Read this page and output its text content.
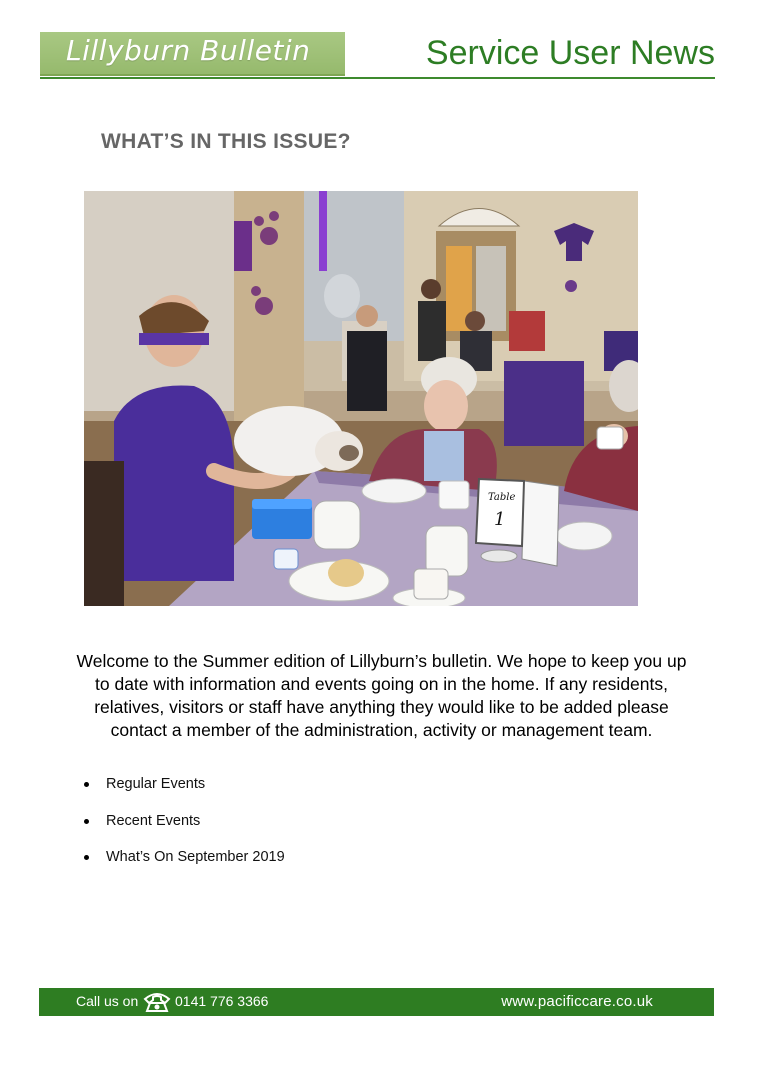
Lillyburn Bulletin	Service User News
WHAT’S IN THIS ISSUE?
Table
1
Welcome to the Summer edition of Lillyburn’s bulletin. We hope to keep you up to date with information and events going on in the home. If any residents, relatives, visitors or staff have anything they would like to be added please contact a member of the administration, activity or management team.
Regular Events
Recent Events
What’s On September 2019
Call us on	0141 776 3366	www.pacificcare.co.uk
